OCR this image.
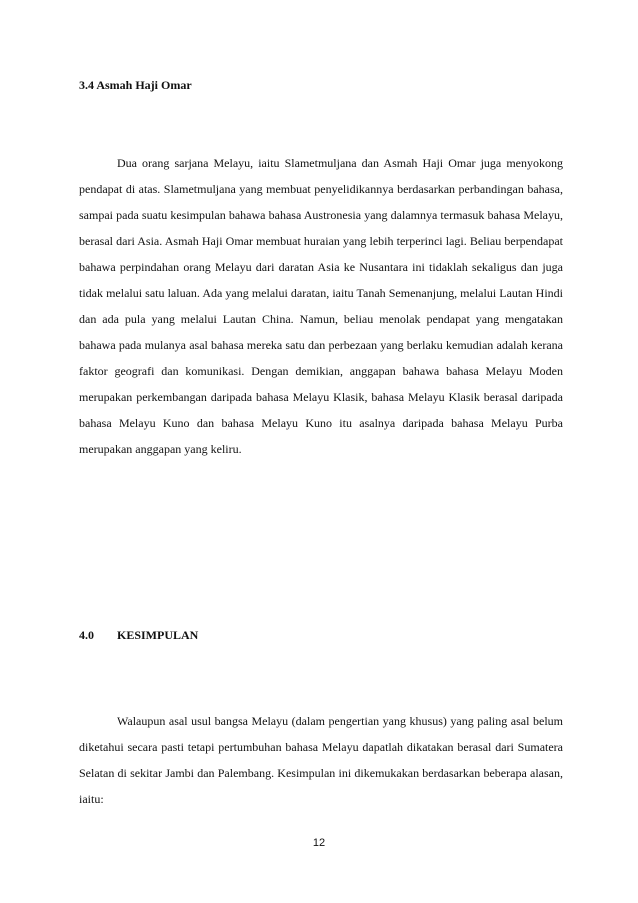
3.4 Asmah Haji Omar

Dua orang sarjana Melayu, iaitu Slametmuljana dan Asmah Haji Omar juga menyokong pendapat di atas. Slametmuljana yang membuat penyelidikannya berdasarkan perbandingan bahasa, sampai pada suatu kesimpulan bahawa bahasa Austronesia yang dalamnya termasuk bahasa Melayu, berasal dari Asia. Asmah Haji Omar membuat huraian yang lebih terperinci lagi. Beliau berpendapat bahawa perpindahan orang Melayu dari daratan Asia ke Nusantara ini tidaklah sekaligus dan juga tidak melalui satu laluan. Ada yang melalui daratan, iaitu Tanah Semenanjung, melalui Lautan Hindi dan ada pula yang melalui Lautan China. Namun, beliau menolak pendapat yang mengatakan bahawa pada mulanya asal bahasa mereka satu dan perbezaan yang berlaku kemudian adalah kerana faktor geografi dan komunikasi. Dengan demikian, anggapan bahawa bahasa Melayu Moden merupakan perkembangan daripada bahasa Melayu Klasik, bahasa Melayu Klasik berasal daripada bahasa Melayu Kuno dan bahasa Melayu Kuno itu asalnya daripada bahasa Melayu Purba merupakan anggapan yang keliru.

4.0 KESIMPULAN

Walaupun asal usul bangsa Melayu (dalam pengertian yang khusus) yang paling asal belum diketahui secara pasti tetapi pertumbuhan bahasa Melayu dapatlah dikatakan berasal dari Sumatera Selatan di sekitar Jambi dan Palembang. Kesimpulan ini dikemukakan berdasarkan beberapa alasan, iaitu:

12
